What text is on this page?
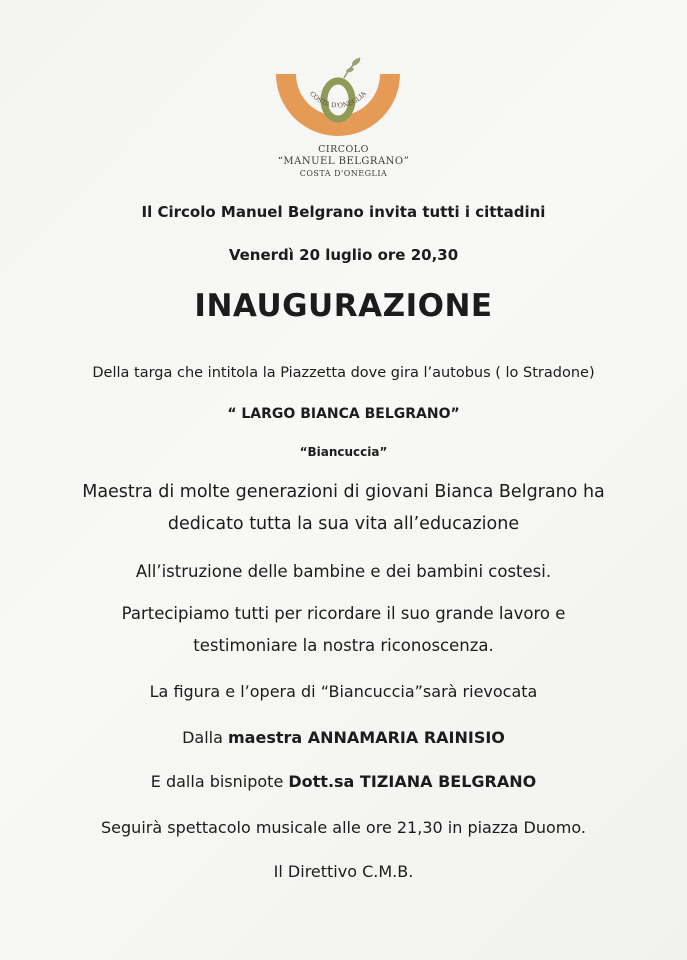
COSTA D'ONEGLIA
CIRCOLO
“MANUEL BELGRANO”
COSTA D'ONEGLIA
Il Circolo Manuel Belgrano invita tutti i cittadini
Venerdì 20 luglio ore 20,30
INAUGURAZIONE
Della targa che intitola la Piazzetta dove gira l’autobus ( lo Stradone)
“ LARGO BIANCA BELGRANO”
“Biancuccia”
Maestra di molte generazioni di giovani Bianca Belgrano ha
dedicato tutta la sua vita all’educazione
All’istruzione delle bambine e dei bambini costesi.
Partecipiamo tutti per ricordare il suo grande lavoro e
testimoniare la nostra riconoscenza.
La figura e l’opera di “Biancuccia”sarà rievocata
Dalla maestra ANNAMARIA RAINISIO
E dalla bisnipote Dott.sa TIZIANA BELGRANO
Seguirà spettacolo musicale alle ore 21,30 in piazza Duomo.
Il Direttivo C.M.B.
